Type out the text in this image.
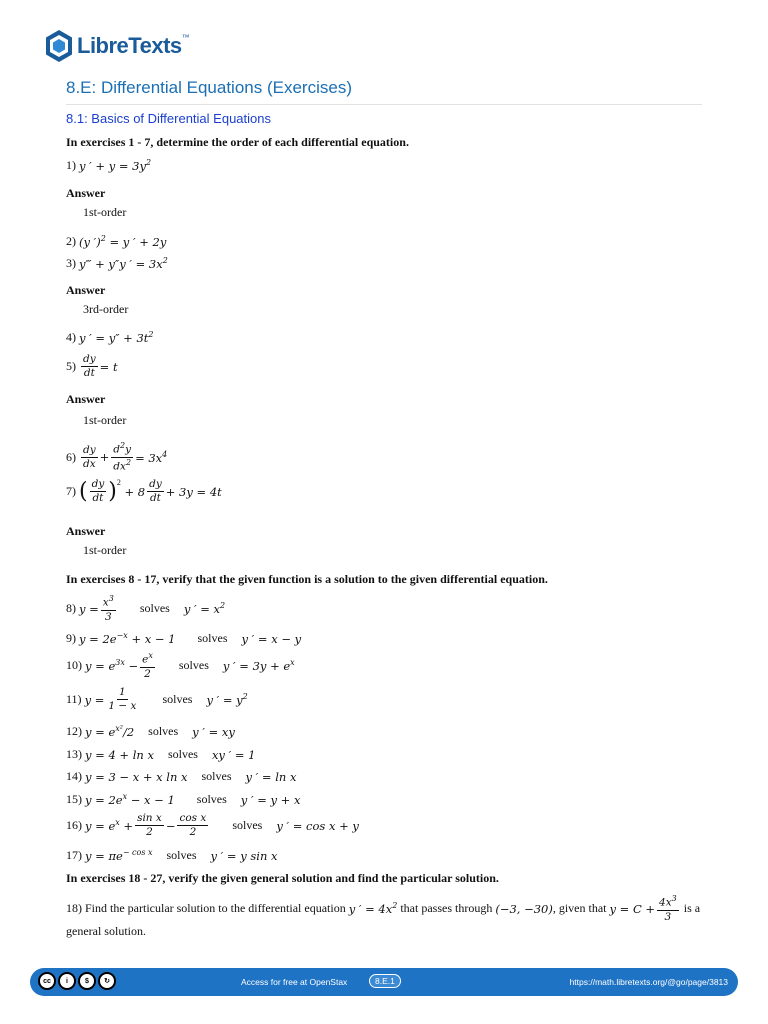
LibreTexts™
8.E: Differential Equations (Exercises)
8.1: Basics of Differential Equations
In exercises 1 - 7, determine the order of each differential equation.
1) y ′ + $y = 3y^2$
Answer
1st-order
2) (y ′)$^2$ = y ′ + 2y
3) y‴ + y″y ′ = $3x^2$
Answer
3rd-order
4) y ′ = $y'' + 3t^2$
$5) \frac{dy}{dt} = t$
Answer
1st-order
$6) \frac{dy}{dx} + \frac{d^2y}{dx^2} = 3x^4$
7) ( $\frac{dy}{dt}$ ) 2
+ $8 \frac{dy}{dt} + 3y = 4t$
Answer
1st-order
In exercises 8 - 17, verify that the given function is a solution to the given differential equation.
8) $y = \frac{x^3}{3}$ solves y ′ = $x^2$
9) $y = 2e^{-x} + x - 1$ solves y ′ = x − y
10) $y = e^{3x} - \frac{e^x}{2}$ solves y ′ = $3y + e^x$
11) $y = \frac{1}{1 - x}$ solves y ′ = $y^2$
12) $y = e^{x^2}/2$ solves y ′ = xy
13) y = 4 + ln x solves xy ′ = 1
14) y = 3 − x + x ln x solves y ′ = ln x
15) $y = 2e^x - x - 1$ solves y ′ = y + x
16) $y = e^x + \frac{\text{sin x}}{2} - \frac{\text{cos x}}{2}$ solves y ′ = cos x + y
17) $y = \pi e^{- cos x}$ solves y ′ = y sin x
In exercises 18 - 27, verify the given general solution and find the particular solution.
18) Find the particular solution to the differential equation
y ′ = $4x^2$
that passes through
(−3, −30) , given that
$y = C + \frac{4x^3}{3}$
is a
general solution.
cc	i	$	↻	Access for free at OpenStax	8.E.1	https://math.libretexts.org/@go/page/3813
